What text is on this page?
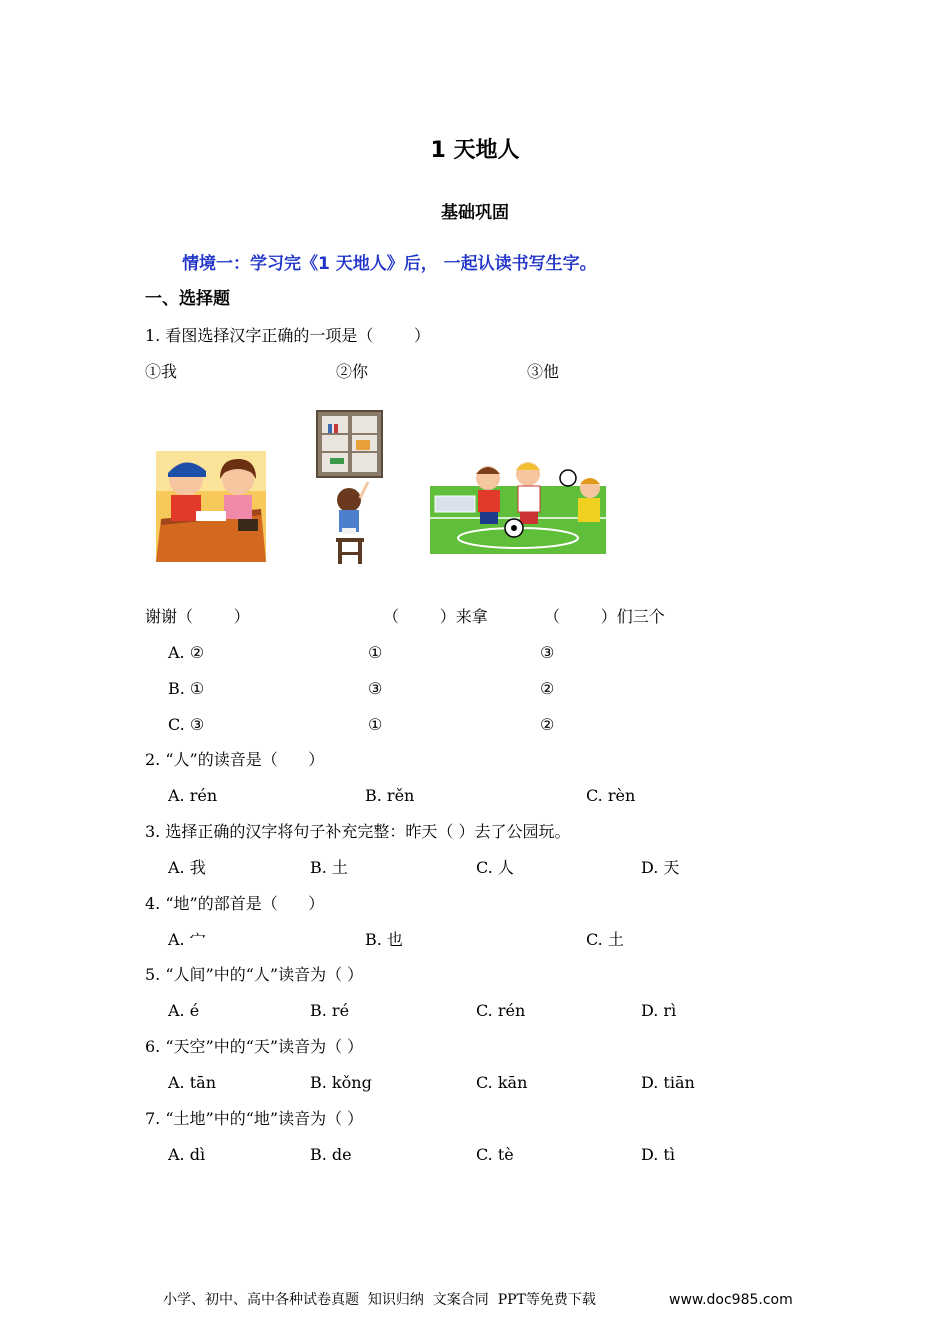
1 天地人
基础巩固
情境一：学习完《1 天地人》后， 一起认读书写生字。
一、选择题
1. 看图选择汉字正确的一项是（        ）
①我	②你	③他
谢谢（        ）	（        ）来拿	（        ）们三个
A. ②	①	③
B. ①	③	②
C. ③	①	②
2. “人”的读音是（      ）
A. rén	B. rěn	C. rèn
3. 选择正确的汉字将句子补充完整：昨天（ ）去了公园玩。
A. 我	B. 土	C. 人	D. 天
4. “地”的部首是（      ）
A. 宀	B. 也	C. 土
5. “人间”中的“人”读音为（ ）
A. é	B. ré	C. rén	D. rì
6. “天空”中的“天”读音为（ ）
A. tān	B. kǒng	C. kān	D. tiān
7. “土地”中的“地”读音为（ ）
A. dì	B. de	C. tè	D. tì
小学、初中、高中各种试卷真题  知识归纳  文案合同  PPT等免费下载	www.doc985.com
